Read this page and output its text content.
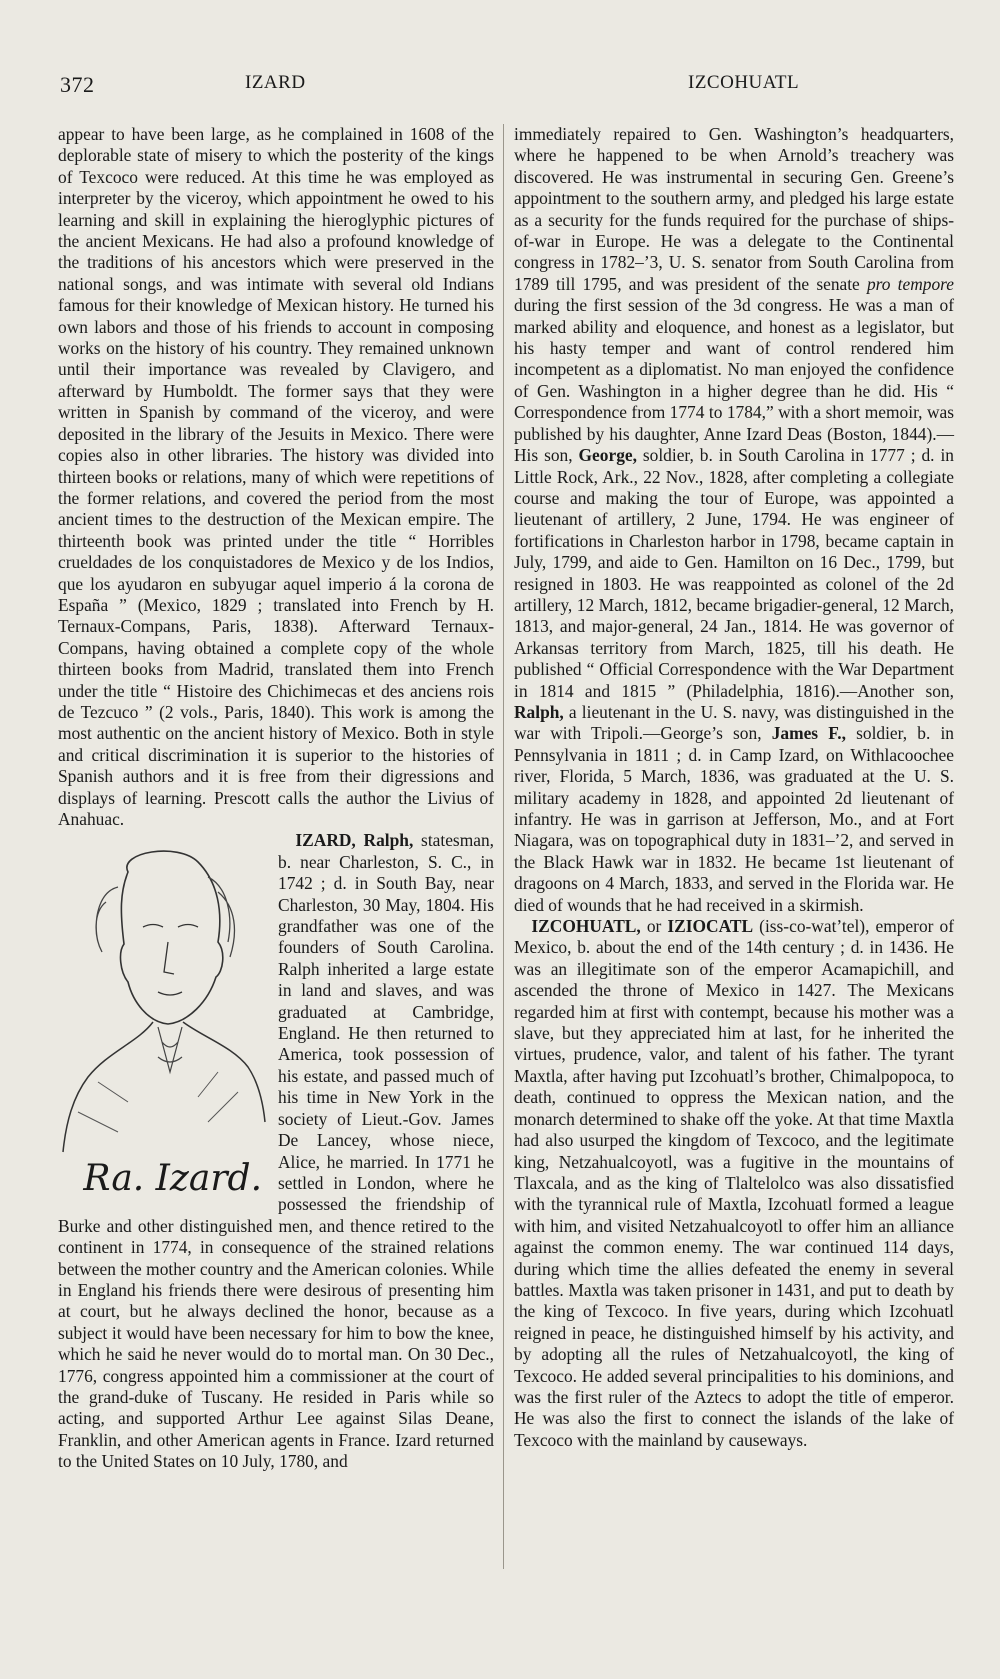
372	IZARD	IZCOHUATL

appear to have been large, as he complained in 1608 of the deplorable state of misery to which the posterity of the kings of Texcoco were reduced. At this time he was employed as interpreter by the viceroy, which appointment he owed to his learning and skill in explaining the hieroglyphic pictures of the ancient Mexicans. He had also a profound knowledge of the traditions of his ancestors which were preserved in the national songs, and was intimate with several old Indians famous for their knowledge of Mexican history. He turned his own labors and those of his friends to account in composing works on the history of his country. They remained unknown until their importance was revealed by Clavigero, and afterward by Humboldt. The former says that they were written in Spanish by command of the viceroy, and were deposited in the library of the Jesuits in Mexico. There were copies also in other libraries. The history was divided into thirteen books or relations, many of which were repetitions of the former relations, and covered the period from the most ancient times to the destruction of the Mexican empire. The thirteenth book was printed under the title “ Horribles crueldades de los conquistadores de Mexico y de los Indios, que los ayudaron en subyugar aquel imperio á la corona de España ” (Mexico, 1829 ; translated into French by H. Ternaux-Compans, Paris, 1838). Afterward Ternaux-Compans, having obtained a complete copy of the whole thirteen books from Madrid, translated them into French under the title “ Histoire des Chichimecas et des anciens rois de Tezcuco ” (2 vols., Paris, 1840). This work is among the most authentic on the ancient history of Mexico. Both in style and critical discrimination it is superior to the histories of Spanish authors and it is free from their digressions and displays of learning. Prescott calls the author the Livius of Anahuac.

IZARD, Ralph,
Ra. Izard.
statesman, b. near Charleston, S. C., in 1742 ; d. in South Bay, near Charleston, 30 May, 1804. His grandfather was one of the founders of South Carolina. Ralph inherited a large estate in land and slaves, and was graduated at Cambridge, England. He then returned to America, took possession of his estate, and passed much of his time in New York in the society of Lieut.-Gov. James De Lancey, whose niece, Alice, he married. In 1771 he settled in London, where he possessed the friendship of Burke and other distinguished men, and thence retired to the continent in 1774, in consequence of the strained relations between the mother country and the American colonies. While in England his friends there were desirous of presenting him at court, but he always declined the honor, because as a subject it would have been necessary for him to bow the knee, which he said he never would do to mortal man. On 30 Dec., 1776, congress appointed him a commissioner at the court of the grand-duke of Tuscany. He resided in Paris while so acting, and supported Arthur Lee against Silas Deane, Franklin, and other American agents in France. Izard returned to the United States on 10 July, 1780, and

immediately repaired to Gen. Washington’s headquarters, where he happened to be when Arnold’s treachery was discovered. He was instrumental in securing Gen. Greene’s appointment to the southern army, and pledged his large estate as a security for the funds required for the purchase of ships-of-war in Europe. He was a delegate to the Continental congress in 1782–’3, U. S. senator from South Carolina from 1789 till 1795, and was president of the senate pro tempore during the first session of the 3d congress. He was a man of marked ability and eloquence, and honest as a legislator, but his hasty temper and want of control rendered him incompetent as a diplomatist. No man enjoyed the confidence of Gen. Washington in a higher degree than he did. His “ Correspondence from 1774 to 1784,” with a short memoir, was published by his daughter, Anne Izard Deas (Boston, 1844).—His son, George, soldier, b. in South Carolina in 1777 ; d. in Little Rock, Ark., 22 Nov., 1828, after completing a collegiate course and making the tour of Europe, was appointed a lieutenant of artillery, 2 June, 1794. He was engineer of fortifications in Charleston harbor in 1798, became captain in July, 1799, and aide to Gen. Hamilton on 16 Dec., 1799, but resigned in 1803. He was reappointed as colonel of the 2d artillery, 12 March, 1812, became brigadier-general, 12 March, 1813, and major-general, 24 Jan., 1814. He was governor of Arkansas territory from March, 1825, till his death. He published “ Official Correspondence with the War Department in 1814 and 1815 ” (Philadelphia, 1816).—Another son, Ralph, a lieutenant in the U. S. navy, was distinguished in the war with Tripoli.—George’s son, James F., soldier, b. in Pennsylvania in 1811 ; d. in Camp Izard, on Withlacoochee river, Florida, 5 March, 1836, was graduated at the U. S. military academy in 1828, and appointed 2d lieutenant of infantry. He was in garrison at Jefferson, Mo., and at Fort Niagara, was on topographical duty in 1831–’2, and served in the Black Hawk war in 1832. He became 1st lieutenant of dragoons on 4 March, 1833, and served in the Florida war. He died of wounds that he had received in a skirmish.

IZCOHUATL, or IZIOCATL (iss-co-wat’tel), emperor of Mexico, b. about the end of the 14th century ; d. in 1436. He was an illegitimate son of the emperor Acamapichill, and ascended the throne of Mexico in 1427. The Mexicans regarded him at first with contempt, because his mother was a slave, but they appreciated him at last, for he inherited the virtues, prudence, valor, and talent of his father. The tyrant Maxtla, after having put Izcohuatl’s brother, Chimalpopoca, to death, continued to oppress the Mexican nation, and the monarch determined to shake off the yoke. At that time Maxtla had also usurped the kingdom of Texcoco, and the legitimate king, Netzahualcoyotl, was a fugitive in the mountains of Tlaxcala, and as the king of Tlaltelolco was also dissatisfied with the tyrannical rule of Maxtla, Izcohuatl formed a league with him, and visited Netzahualcoyotl to offer him an alliance against the common enemy. The war continued 114 days, during which time the allies defeated the enemy in several battles. Maxtla was taken prisoner in 1431, and put to death by the king of Texcoco. In five years, during which Izcohuatl reigned in peace, he distinguished himself by his activity, and by adopting all the rules of Netzahualcoyotl, the king of Texcoco. He added several principalities to his dominions, and was the first ruler of the Aztecs to adopt the title of emperor. He was also the first to connect the islands of the lake of Texcoco with the mainland by causeways.
